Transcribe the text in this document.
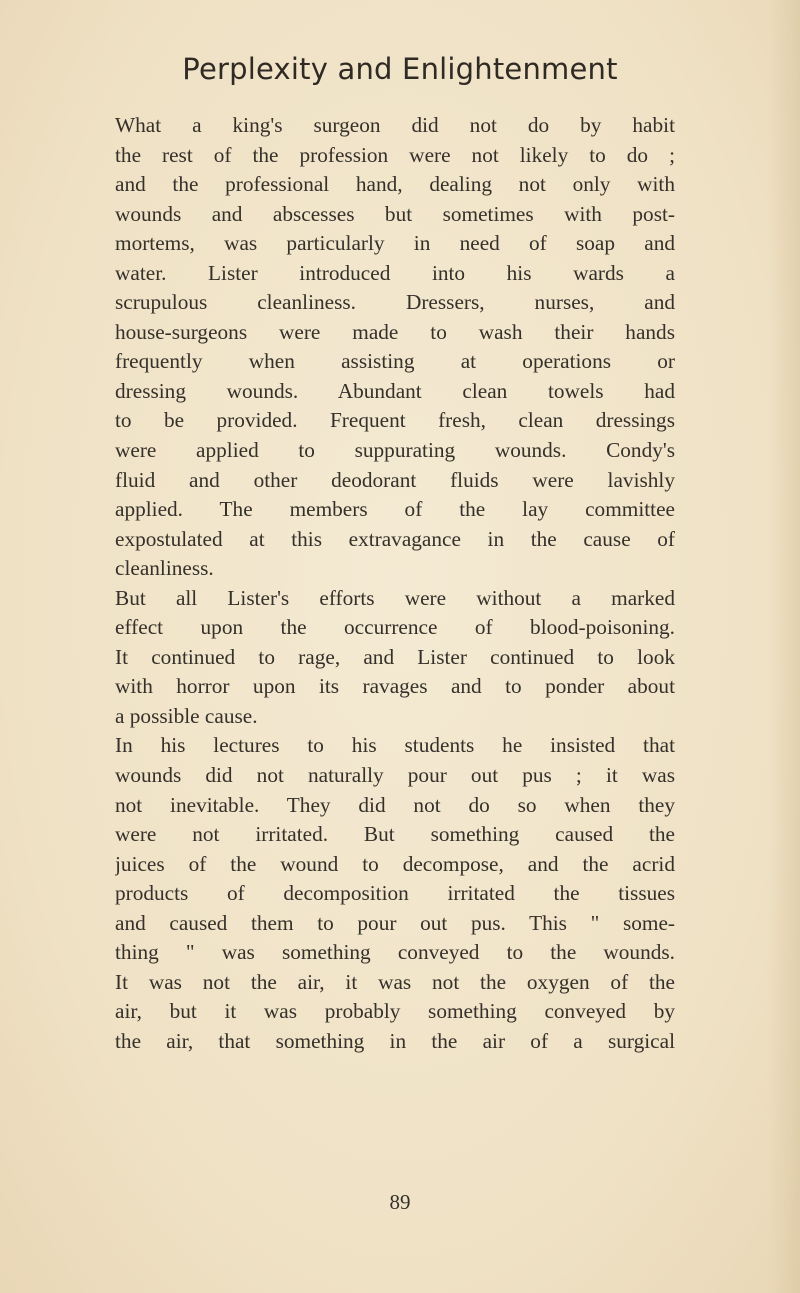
Perplexity and Enlightenment
What a king's surgeon did not do by habit
the rest of the profession were not likely to do ;
and the professional hand, dealing not only with
wounds and abscesses but sometimes with post-
mortems, was particularly in need of soap and
water. Lister introduced into his wards a
scrupulous cleanliness. Dressers, nurses, and
house-surgeons were made to wash their hands
frequently when assisting at operations or
dressing wounds. Abundant clean towels had
to be provided. Frequent fresh, clean dressings
were applied to suppurating wounds. Condy's
fluid and other deodorant fluids were lavishly
applied. The members of the lay committee
expostulated at this extravagance in the cause of
cleanliness.
But all Lister's efforts were without a marked
effect upon the occurrence of blood-poisoning.
It continued to rage, and Lister continued to look
with horror upon its ravages and to ponder about
a possible cause.
In his lectures to his students he insisted that
wounds did not naturally pour out pus ; it was
not inevitable. They did not do so when they
were not irritated. But something caused the
juices of the wound to decompose, and the acrid
products of decomposition irritated the tissues
and caused them to pour out pus. This " some-
thing " was something conveyed to the wounds.
It was not the air, it was not the oxygen of the
air, but it was probably something conveyed by
the air, that something in the air of a surgical
89
